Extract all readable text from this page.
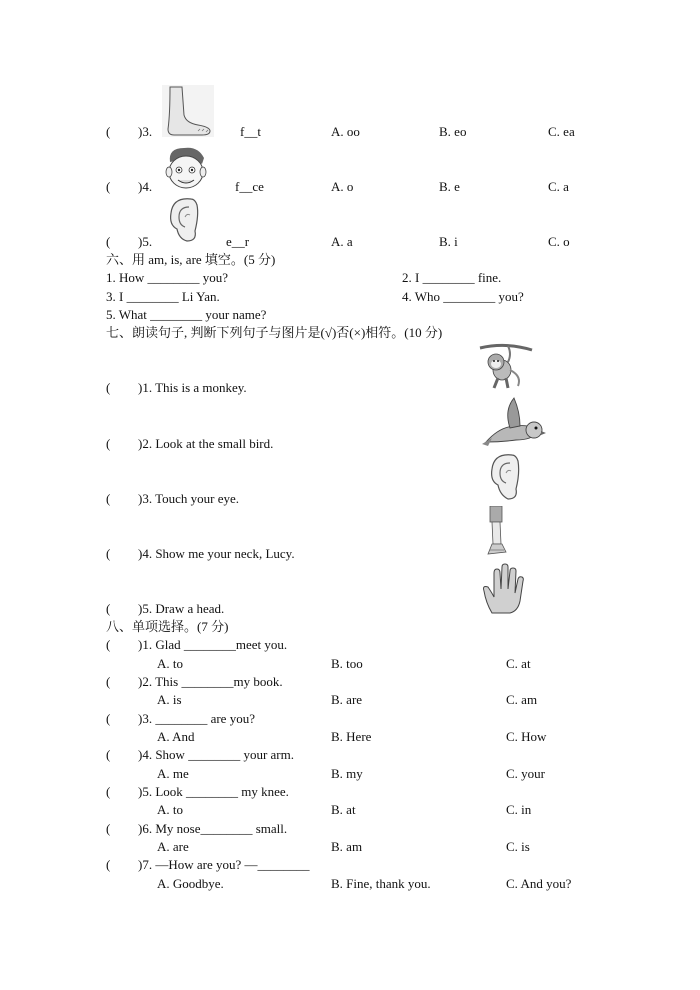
( )3.	f__t	A. oo	B. eo	C. ea
( )4.	f__ce	A. o	B. e	C. a
( )5.	e__r	A. a	B. i	C. o
六、用 am, is, are 填空。(5 分)
1. How ________ you?	2. I ________ fine.
3. I ________ Li Yan.	4. Who ________ you?
5. What ________ your name?
七、朗读句子, 判断下列句子与图片是(√)否(×)相符。(10 分)
( )1. This is a monkey.
( )2. Look at the small bird.
( )3. Touch your eye.
( )4. Show me your neck, Lucy.
( )5. Draw a head.
八、单项选择。(7 分)
( )1. Glad ________meet you.
A. to	B. too	C. at
( )2. This ________my book.
A. is	B. are	C. am
( )3. ________ are you?
A. And	B. Here	C. How
( )4. Show ________ your arm.
A. me	B. my	C. your
( )5. Look ________ my knee.
A. to	B. at	C. in
( )6. My nose________ small.
A. are	B. am	C. is
( )7. —How are you? —________
A. Goodbye.	B. Fine, thank you.	C. And you?
